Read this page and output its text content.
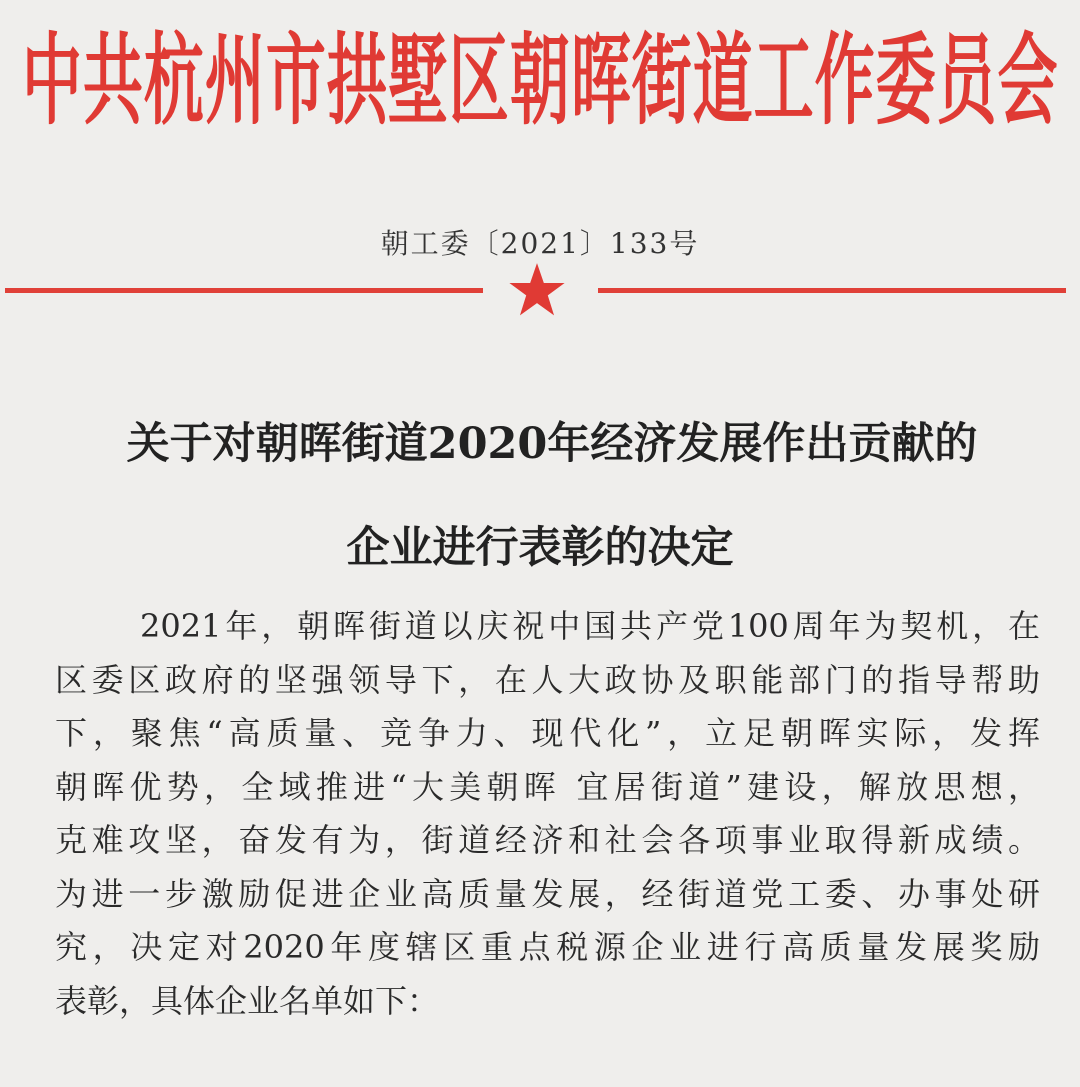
中共杭州市拱墅区朝晖街道工作委员会
朝工委〔2021〕133号
关于对朝晖街道2020年经济发展作出贡献的
企业进行表彰的决定
2021年，朝晖街道以庆祝中国共产党100周年为契机，在
区委区政府的坚强领导下，在人大政协及职能部门的指导帮助
下，聚焦“高质量、竞争力、现代化”，立足朝晖实际，发挥
朝晖优势，全域推进“大美朝晖 宜居街道”建设，解放思想，
克难攻坚，奋发有为，街道经济和社会各项事业取得新成绩。
为进一步激励促进企业高质量发展，经街道党工委、办事处研
究，决定对2020年度辖区重点税源企业进行高质量发展奖励
表彰，具体企业名单如下：
